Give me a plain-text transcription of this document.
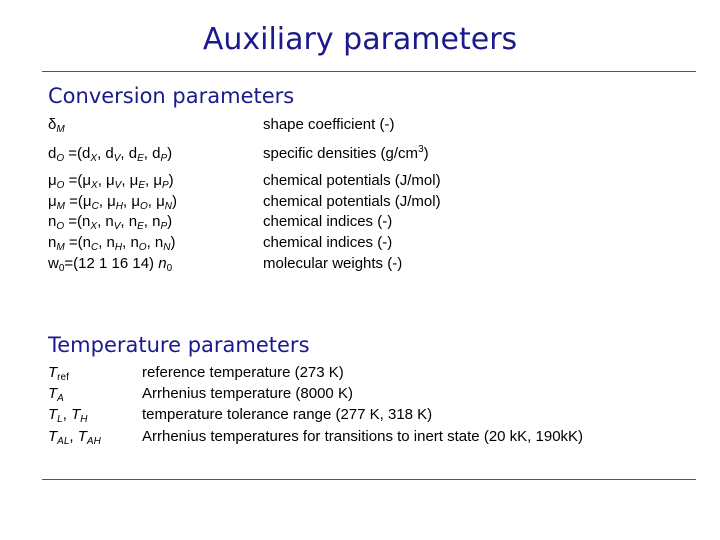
Auxiliary parameters
Conversion parameters
$\delta_M$
$d_O =(d_X$, $d_V$, $d_E$, $d_P$)
$\mu_O =(\mu_X$, $\mu_V$, $\mu_E$, $\mu_P$)
$\mu_M =(\mu_C$, $\mu_H$, $\mu_O$, $\mu_N$)
$n_O =(n_X$, $n_V$, $n_E$, $n_P$)
$n_M =(n_C$, $n_H$, $n_O$, $n_N$)
$w_0=(12$ 1 16 14) $n_0$
shape coefficient (-)
specific densities $(g/cm^3)$
chemical potentials (J/mol)
chemical potentials (J/mol)
chemical indices (-)
chemical indices (-)
molecular weights (-)
Temperature parameters
$T_{ref}$
$T_A$
$T_L$, $T_H$
$T_{AL}$, $T_{AH}$
reference temperature (273 K)
Arrhenius temperature (8000 K)
temperature tolerance range (277 K, 318 K)
Arrhenius temperatures for transitions to inert state (20 kK, 190kK)
